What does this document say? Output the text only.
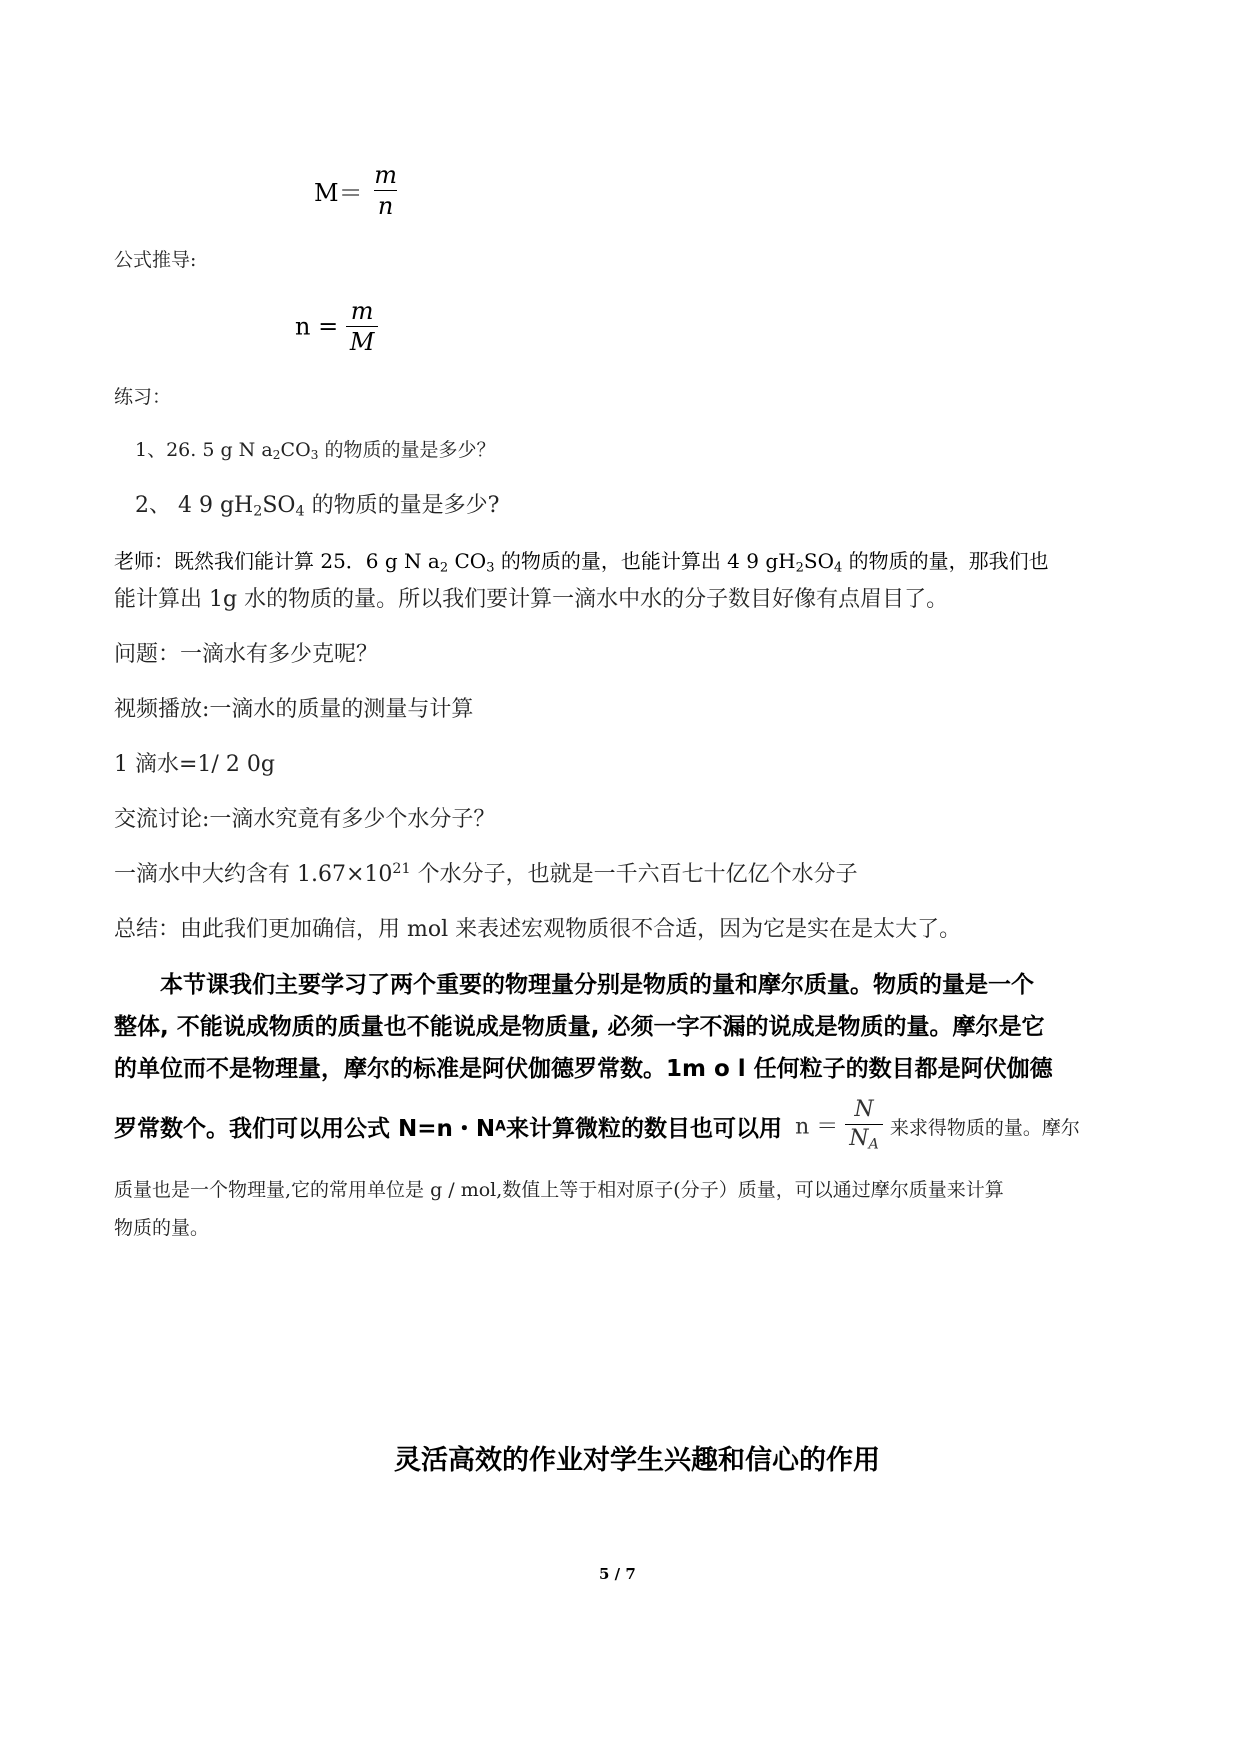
$M= \frac{m}{n}$
公式推导:
$n = \frac{m}{M}$
练习：
1、26. 5 g N $a_2CO_3$ 的物质的量是多少？
2、 4 9 $gH_2SO_4$ 的物质的量是多少?
老师：既然我们能计算 25．6 g N $a_2$ $CO_3$ 的物质的量，也能计算出 4 9 $gH_2SO_4$ 的物质的量，那我们也
能计算出 1g 水的物质的量。所以我们要计算一滴水中水的分子数目好像有点眉目了。
问题：一滴水有多少克呢？
视频播放:一滴水的质量的测量与计算
1 滴水=1/ 2 0g
交流讨论:一滴水究竟有多少个水分子？
一滴水中大约含有 $1.67\times 10^{21}$ 个水分子，也就是一千六百七十亿亿个水分子
总结：由此我们更加确信，用 mol 来表述宏观物质很不合适，因为它是实在是太大了。
本节课我们主要学习了两个重要的物理量分别是物质的量和摩尔质量。物质的量是一个
整体, 不能说成物质的质量也不能说成是物质量, 必须一字不漏的说成是物质的量。摩尔是它
的单位而不是物理量，摩尔的标准是阿伏伽德罗常数。1m o l 任何粒子的数目都是阿伏伽德
罗常数个。我们可以用公式 N=n・NA来计算微粒的数目也可以用 $n = \frac{N}{N_A}$ 来求得物质的量。摩尔
质量也是一个物理量,它的常用单位是 g / mol,数值上等于相对原子(分子）质量，可以通过摩尔质量来计算
物质的量。
灵活高效的作业对学生兴趣和信心的作用
5 / 7
